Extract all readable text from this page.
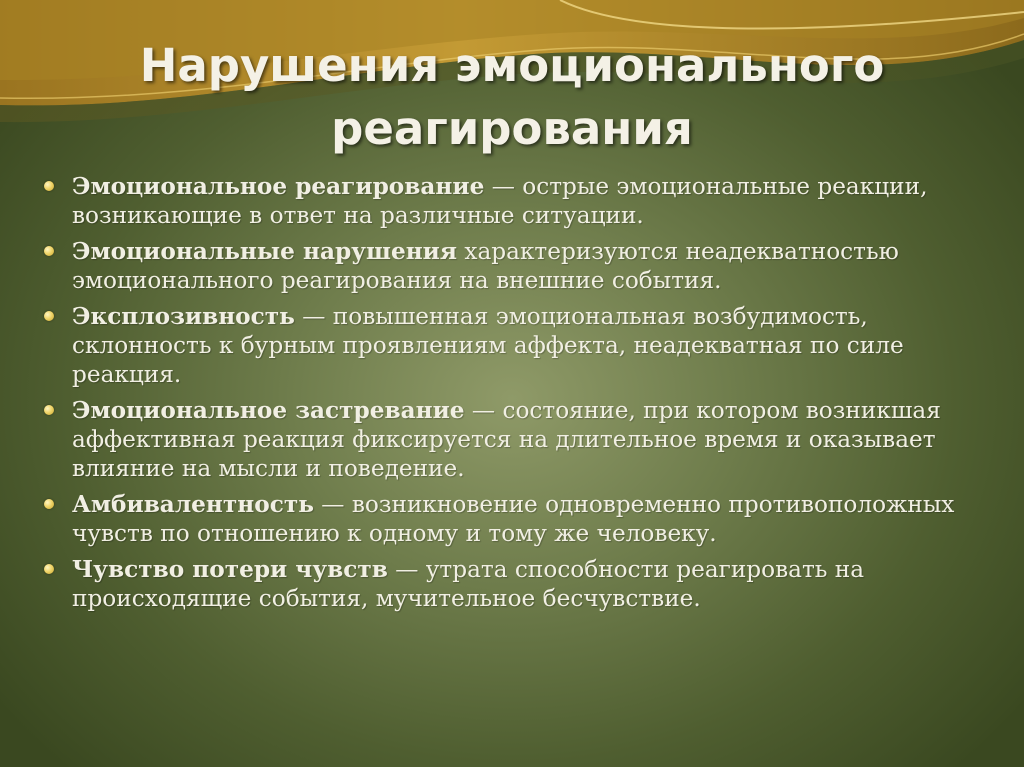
Нарушения эмоционального реагирования
Эмоциональное реагирование — острые эмоциональные реакции, возникающие в ответ на различные ситуации.
Эмоциональные нарушения характеризуются неадекватностью эмоционального реагирования на внешние события.
Эксплозивность — повышенная эмоциональная возбудимость, склонность к бурным проявлениям аффекта, неадекватная по силе реакция.
Эмоциональное застревание — состояние, при котором возникшая аффективная реакция фиксируется на длительное время и оказывает влияние на мысли и поведение.
Амбивалентность — возникновение одновременно противоположных чувств по отношению к одному и тому же человеку.
Чувство потери чувств — утрата способности реагировать на происходящие события, мучительное бесчувствие.
